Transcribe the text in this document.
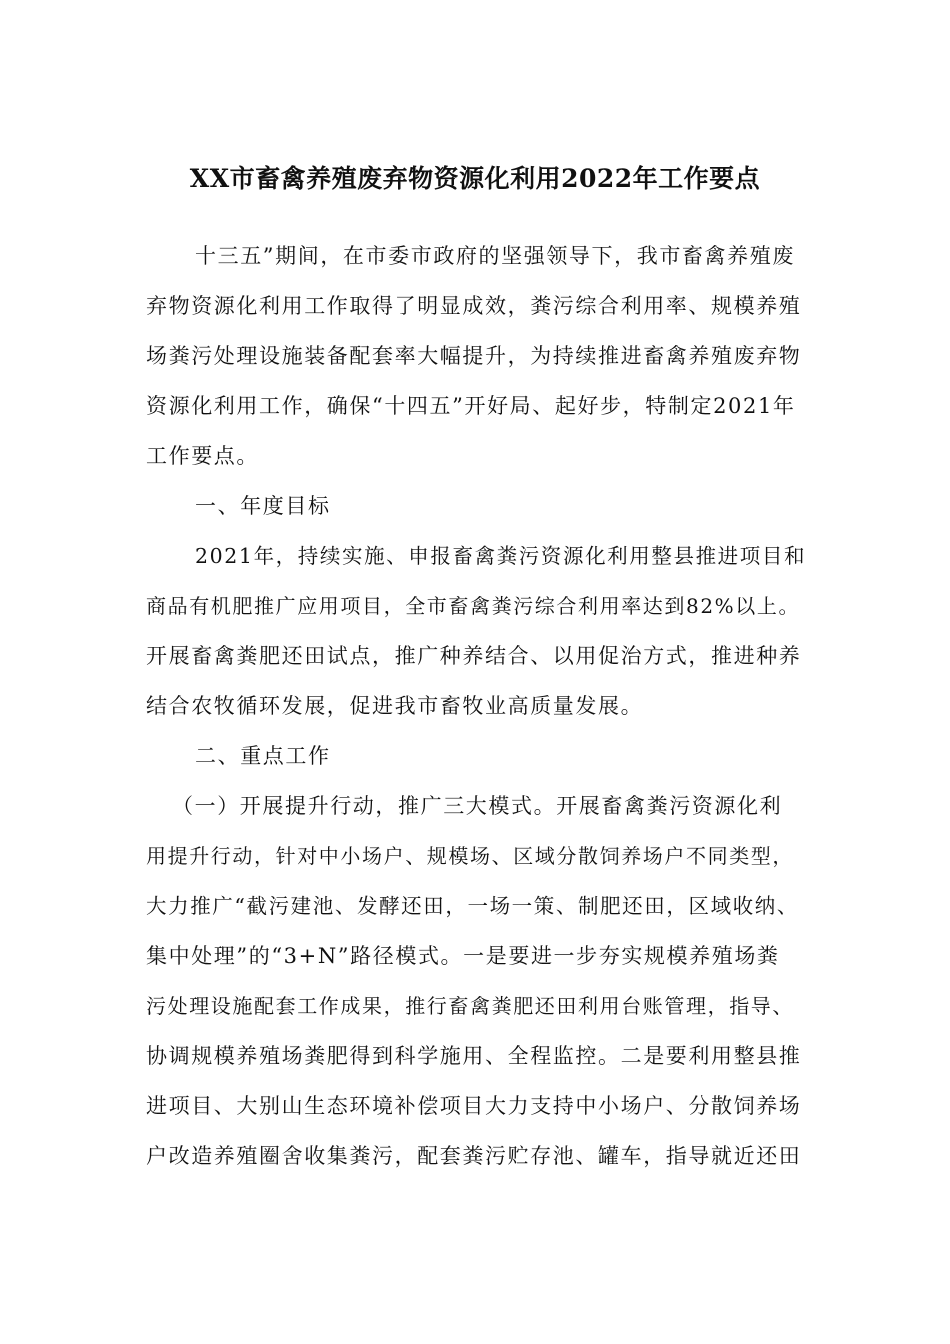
XX市畜禽养殖废弃物资源化利用2022年工作要点
十三五”期间，在市委市政府的坚强领导下，我市畜禽养殖废
弃物资源化利用工作取得了明显成效，粪污综合利用率、规模养殖
场粪污处理设施装备配套率大幅提升，为持续推进畜禽养殖废弃物
资源化利用工作，确保“十四五”开好局、起好步，特制定2021年
工作要点。
一、年度目标
2021年，持续实施、申报畜禽粪污资源化利用整县推进项目和
商品有机肥推广应用项目，全市畜禽粪污综合利用率达到82%以上。
开展畜禽粪肥还田试点，推广种养结合、以用促治方式，推进种养
结合农牧循环发展，促进我市畜牧业高质量发展。
二、重点工作
（一）开展提升行动，推广三大模式。开展畜禽粪污资源化利
用提升行动，针对中小场户、规模场、区域分散饲养场户不同类型，
大力推广“截污建池、发酵还田，一场一策、制肥还田，区域收纳、
集中处理”的“3+N”路径模式。一是要进一步夯实规模养殖场粪
污处理设施配套工作成果，推行畜禽粪肥还田利用台账管理，指导、
协调规模养殖场粪肥得到科学施用、全程监控。二是要利用整县推
进项目、大别山生态环境补偿项目大力支持中小场户、分散饲养场
户改造养殖圈舍收集粪污，配套粪污贮存池、罐车，指导就近还田
